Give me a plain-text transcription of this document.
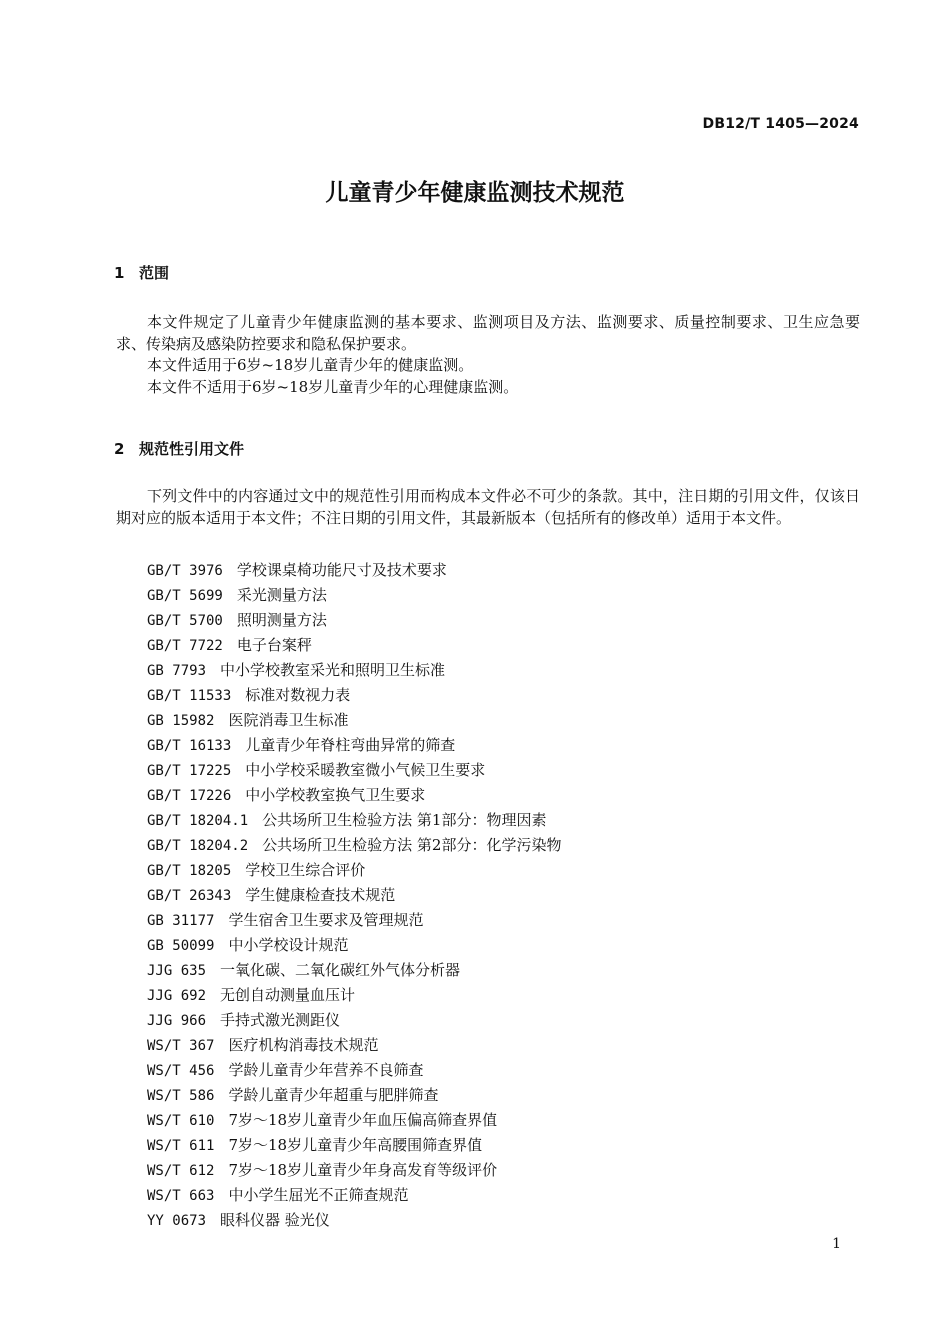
DB12/T 1405—2024
儿童青少年健康监测技术规范
1 范围

本文件规定了儿童青少年健康监测的基本要求、监测项目及方法、监测要求、质量控制要求、卫生应急要求、传染病及感染防控要求和隐私保护要求。

本文件适用于6岁~18岁儿童青少年的健康监测。

本文件不适用于6岁~18岁儿童青少年的心理健康监测。

2 规范性引用文件

下列文件中的内容通过文中的规范性引用而构成本文件必不可少的条款。其中，注日期的引用文件，仅该日期对应的版本适用于本文件；不注日期的引用文件，其最新版本（包括所有的修改单）适用于本文件。

GB/T 3976 学校课桌椅功能尺寸及技术要求
GB/T 5699 采光测量方法
GB/T 5700 照明测量方法
GB/T 7722 电子台案秤
GB 7793 中小学校教室采光和照明卫生标准
GB/T 11533 标准对数视力表
GB 15982 医院消毒卫生标准
GB/T 16133 儿童青少年脊柱弯曲异常的筛查
GB/T 17225 中小学校采暖教室微小气候卫生要求
GB/T 17226 中小学校教室换气卫生要求
GB/T 18204.1 公共场所卫生检验方法 第1部分：物理因素
GB/T 18204.2 公共场所卫生检验方法 第2部分：化学污染物
GB/T 18205 学校卫生综合评价
GB/T 26343 学生健康检查技术规范
GB 31177 学生宿舍卫生要求及管理规范
GB 50099 中小学校设计规范
JJG 635 一氧化碳、二氧化碳红外气体分析器
JJG 692 无创自动测量血压计
JJG 966 手持式激光测距仪
WS/T 367 医疗机构消毒技术规范
WS/T 456 学龄儿童青少年营养不良筛查
WS/T 586 学龄儿童青少年超重与肥胖筛查
WS/T 610 7岁～18岁儿童青少年血压偏高筛查界值
WS/T 611 7岁～18岁儿童青少年高腰围筛查界值
WS/T 612 7岁～18岁儿童青少年身高发育等级评价
WS/T 663 中小学生屈光不正筛查规范
YY 0673 眼科仪器 验光仪
1
